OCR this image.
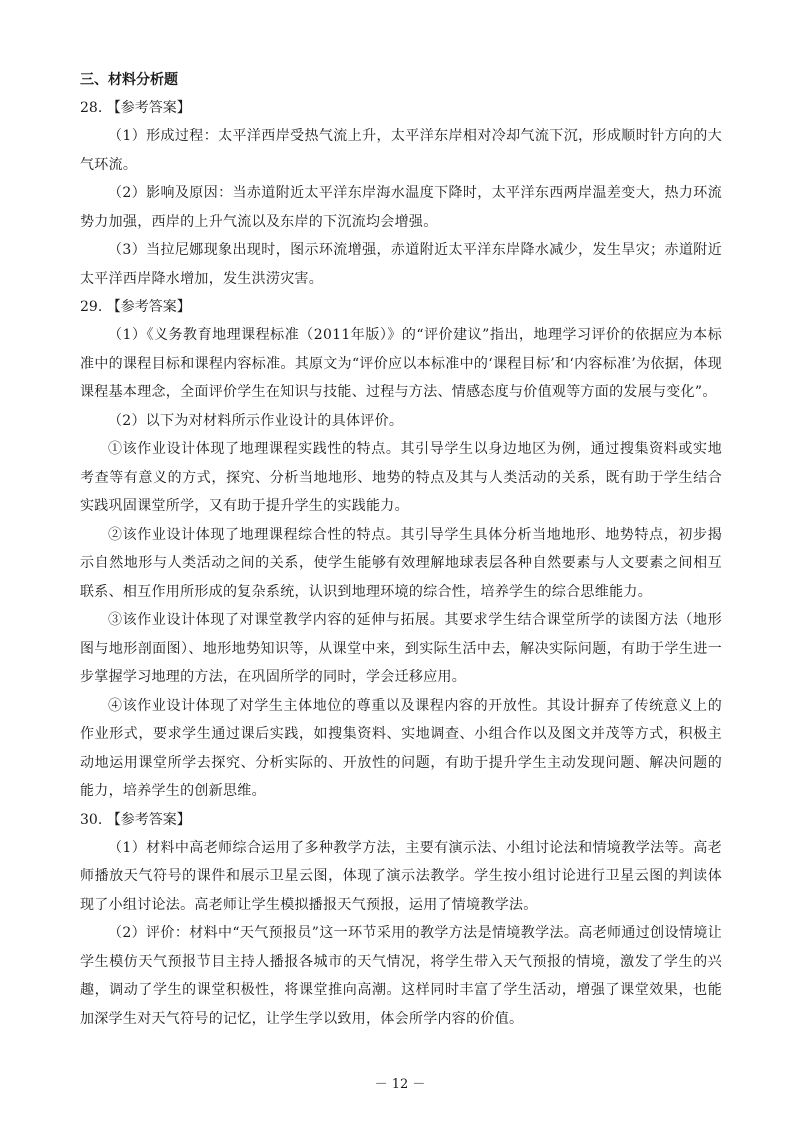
三、材料分析题

28. 【参考答案】

（1）形成过程：太平洋西岸受热气流上升，太平洋东岸相对冷却气流下沉，形成顺时针方向的大气环流。

（2）影响及原因：当赤道附近太平洋东岸海水温度下降时，太平洋东西两岸温差变大，热力环流势力加强，西岸的上升气流以及东岸的下沉流均会增强。

（3）当拉尼娜现象出现时，图示环流增强，赤道附近太平洋东岸降水减少，发生旱灾；赤道附近太平洋西岸降水增加，发生洪涝灾害。

29. 【参考答案】

（1）《义务教育地理课程标准（2011年版）》的“评价建议”指出，地理学习评价的依据应为本标准中的课程目标和课程内容标准。其原文为“评价应以本标准中的‘课程目标’和‘内容标准’为依据，体现课程基本理念，全面评价学生在知识与技能、过程与方法、情感态度与价值观等方面的发展与变化”。

（2）以下为对材料所示作业设计的具体评价。

①该作业设计体现了地理课程实践性的特点。其引导学生以身边地区为例，通过搜集资料或实地考查等有意义的方式，探究、分析当地地形、地势的特点及其与人类活动的关系，既有助于学生结合实践巩固课堂所学，又有助于提升学生的实践能力。

②该作业设计体现了地理课程综合性的特点。其引导学生具体分析当地地形、地势特点，初步揭示自然地形与人类活动之间的关系，使学生能够有效理解地球表层各种自然要素与人文要素之间相互联系、相互作用所形成的复杂系统，认识到地理环境的综合性，培养学生的综合思维能力。

③该作业设计体现了对课堂教学内容的延伸与拓展。其要求学生结合课堂所学的读图方法（地形图与地形剖面图）、地形地势知识等，从课堂中来，到实际生活中去，解决实际问题，有助于学生进一步掌握学习地理的方法，在巩固所学的同时，学会迁移应用。

④该作业设计体现了对学生主体地位的尊重以及课程内容的开放性。其设计摒弃了传统意义上的作业形式，要求学生通过课后实践，如搜集资料、实地调查、小组合作以及图文并茂等方式，积极主动地运用课堂所学去探究、分析实际的、开放性的问题，有助于提升学生主动发现问题、解决问题的能力，培养学生的创新思维。

30. 【参考答案】

（1）材料中高老师综合运用了多种教学方法，主要有演示法、小组讨论法和情境教学法等。高老师播放天气符号的课件和展示卫星云图，体现了演示法教学。学生按小组讨论进行卫星云图的判读体现了小组讨论法。高老师让学生模拟播报天气预报，运用了情境教学法。

（2）评价：材料中“天气预报员”这一环节采用的教学方法是情境教学法。高老师通过创设情境让学生模仿天气预报节目主持人播报各城市的天气情况，将学生带入天气预报的情境，激发了学生的兴趣，调动了学生的课堂积极性，将课堂推向高潮。这样同时丰富了学生活动，增强了课堂效果，也能加深学生对天气符号的记忆，让学生学以致用，体会所学内容的价值。

－ 12 －
